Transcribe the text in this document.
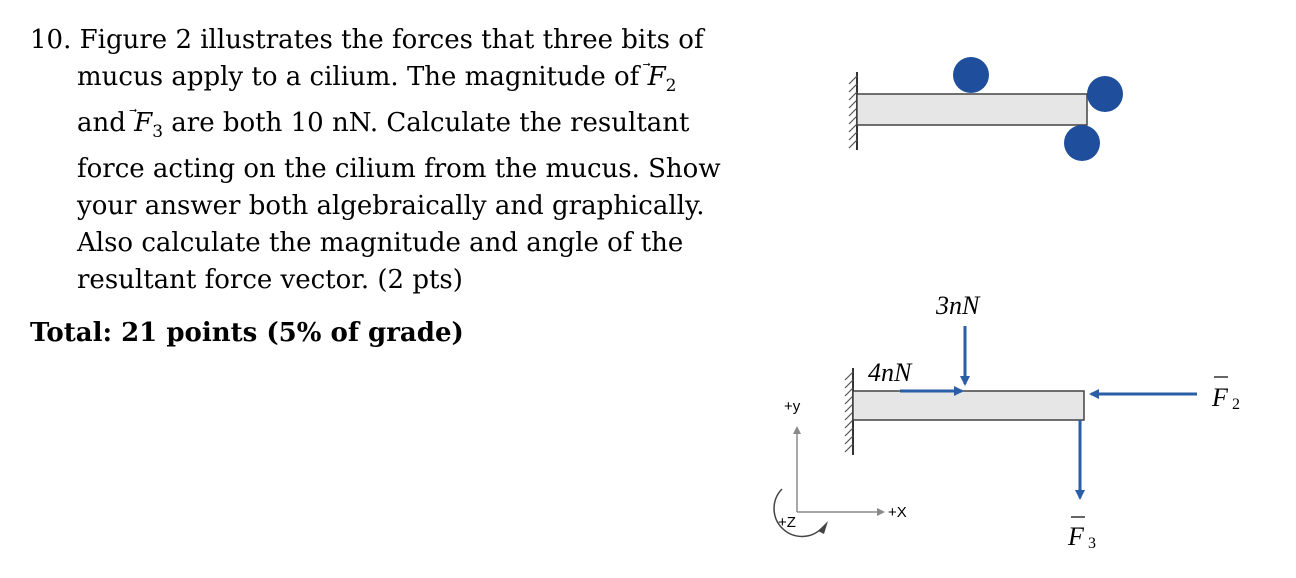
10. Figure 2 illustrates the forces that three bits of
mucus apply to a cilium. The magnitude of
$F_2$
and
$F_3$ are both 10 nN. Calculate the resultant
force acting on the cilium from the mucus. Show
your answer both algebraically and graphically.
Also calculate the magnitude and angle of the
resultant force vector. (2 pts)
Total: 21 points (5% of grade)
3nN
4nN
F 2
F 3
+y
+X
+Z
